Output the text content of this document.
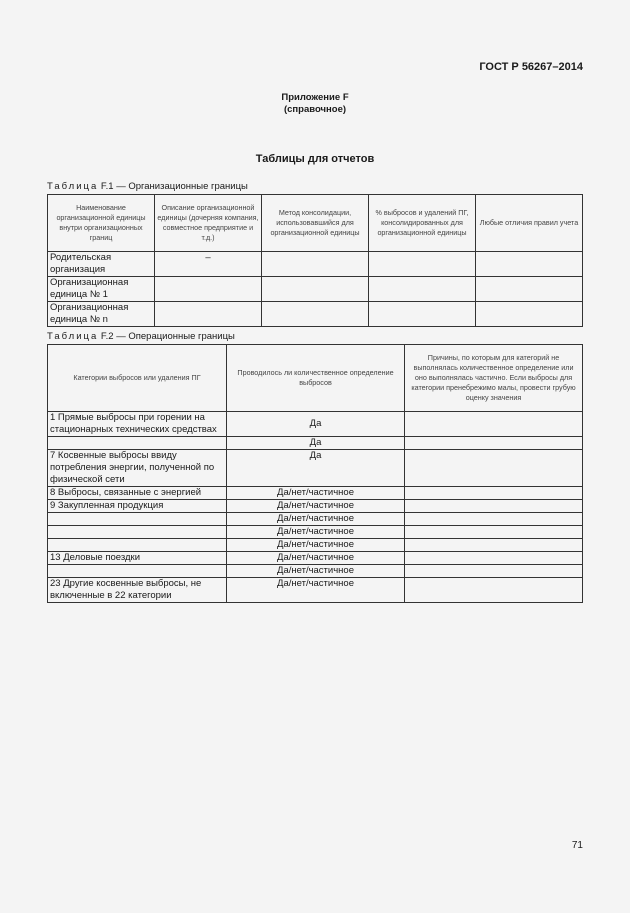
ГОСТ Р 56267–2014
Приложение F
(справочное)
Таблицы для отчетов
Таблица F.1 — Организационные границы
Наименование организационной единицы внутри организационных границ	Описание организационной единицы (дочерняя компания, совместное предприятие и т.д.)	Метод консолидации, использовавшийся для организационной единицы	% выбросов и удалений ПГ, консолидированных для организационной единицы	Любые отличия правил учета
Родительская организация	–			
Организационная единица № 1				
Организационная единица № n				
Таблица F.2 — Операционные границы
Категории выбросов или удаления ПГ	Проводилось ли количественное определение выбросов	Причины, по которым для категорий не выполнялась количественное определение или оно выполнялась частично. Если выбросы для категории пренебрежимо малы, провести грубую оценку значения
1 Прямые выбросы при горении на стационарных технических средствах	Да	
	Да	
7 Косвенные выбросы ввиду потребления энергии, полученной по физической сети	Да	
8 Выбросы, связанные с энергией	Да/нет/частичное	
9 Закупленная продукция	Да/нет/частичное	
	Да/нет/частичное	
	Да/нет/частичное	
	Да/нет/частичное	
13 Деловые поездки	Да/нет/частичное	
	Да/нет/частичное	
23 Другие косвенные выбросы, не включенные в 22 категории	Да/нет/частичное	
71
